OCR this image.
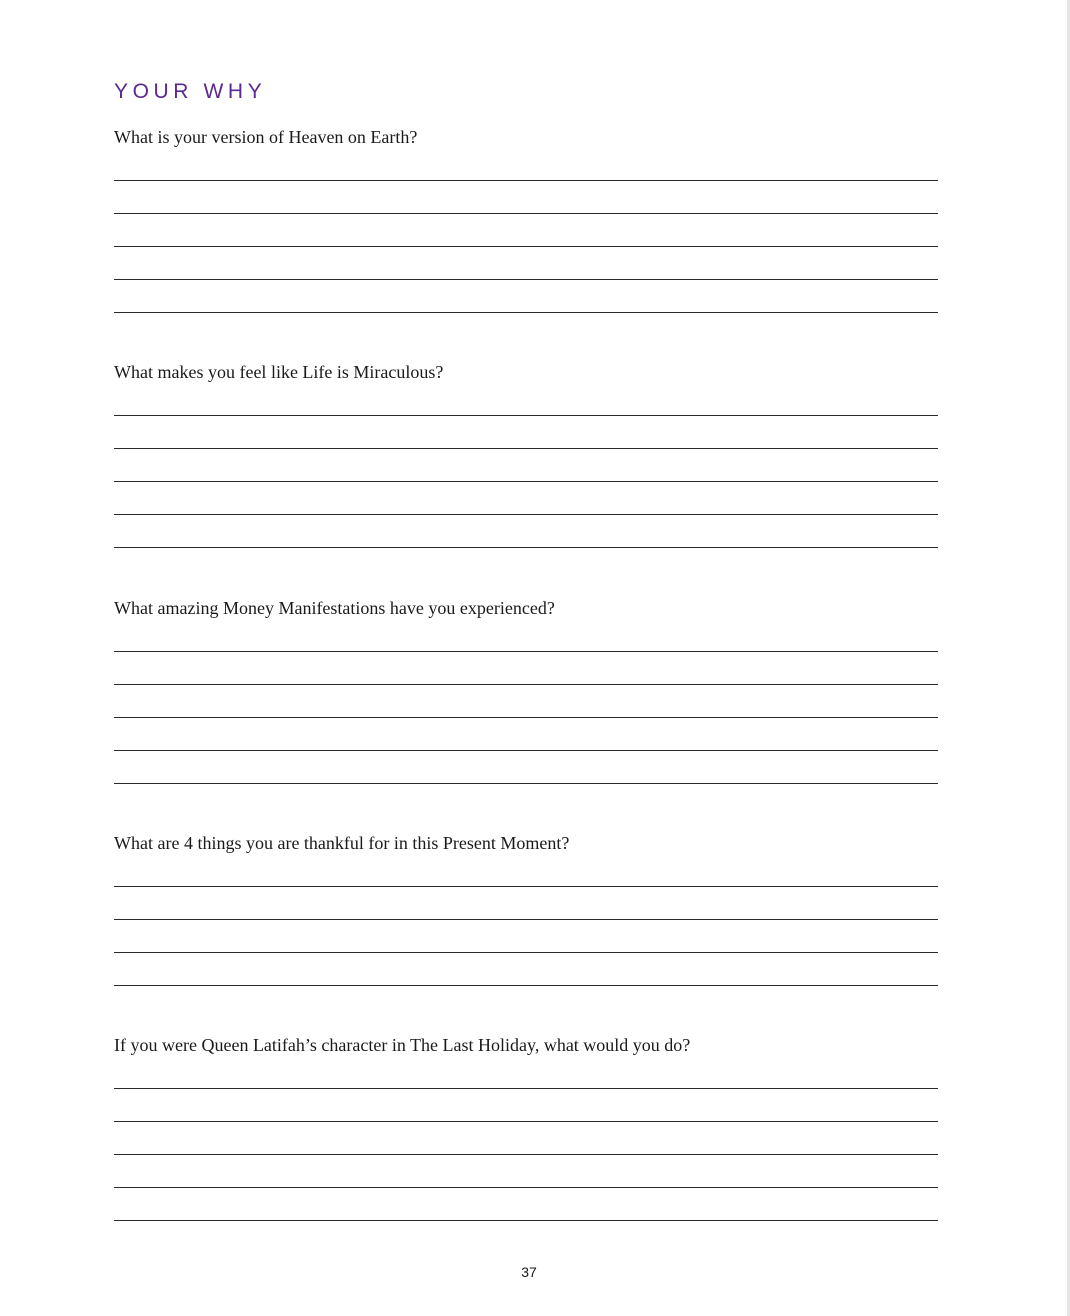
YOUR WHY

What is your version of Heaven on Earth?

What makes you feel like Life is Miraculous?

What amazing Money Manifestations have you experienced?

What are 4 things you are thankful for in this Present Moment?

If you were Queen Latifah’s character in The Last Holiday, what would you do?

37
